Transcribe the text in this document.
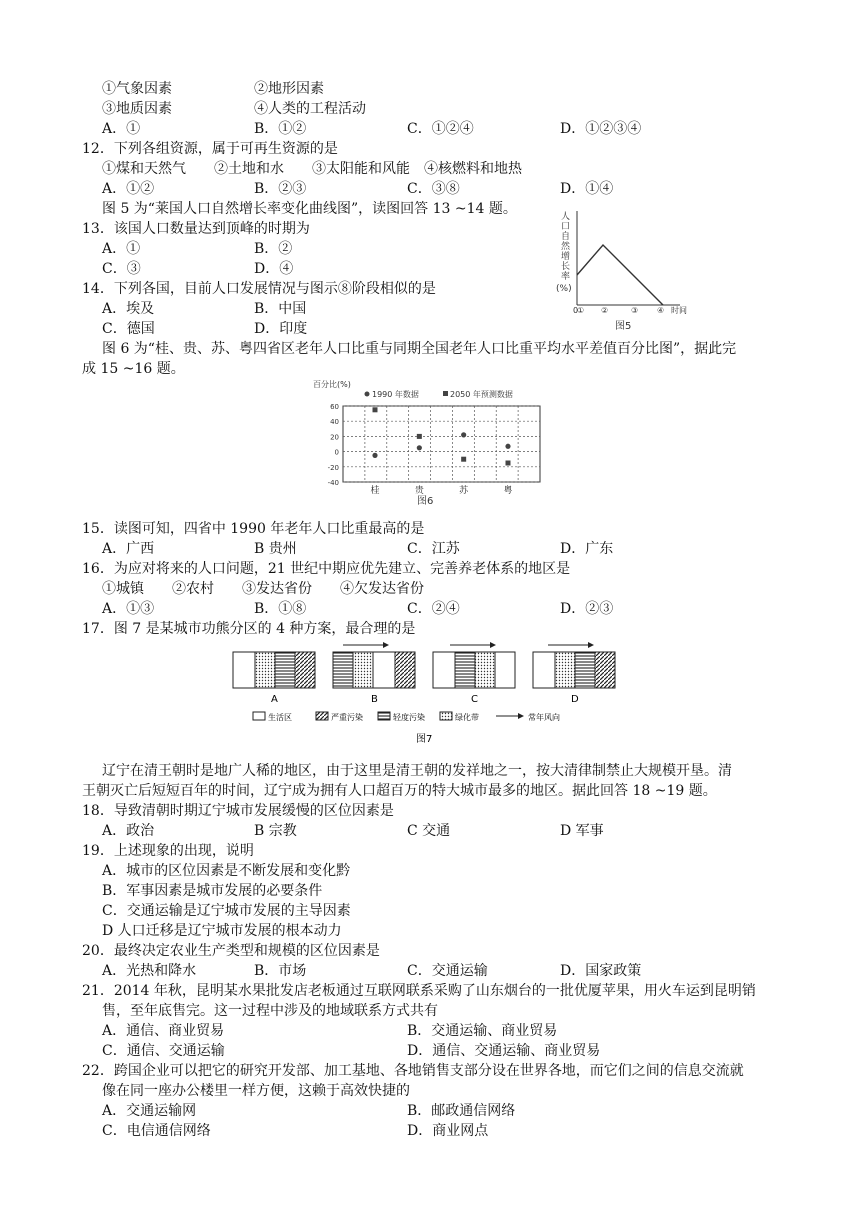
①气象因素	②地形因素
③地质因素	④人类的工程活动
A．①	B．①②	C．①②④	D．①②③④
12．下列各组资源，属于可再生资源的是
①煤和天然气　　②土地和水　　③太阳能和风能　④核燃料和地热
A．①②	B．②③	C．③⑧	D．①④
图 5 为“莱国人口自然增长率变化曲线图”，读图回答 13 ~14 题。
13．该国人口数量达到顶峰的时期为
A．①	B．②
C．③	D．④
14．下列各国，目前人口发展情况与图示⑧阶段相似的是
A．埃及	B．中国
C．德国	D．印度
人
口
自
然
增
长
率
(%)
0
① ②	③ ④ 时间
图5
图 6 为“桂、贵、苏、粤四省区老年人口比重与同期全国老年人口比重平均水平差值百分比图”，据此完
成 15 ~16 题。
百分比(%)
1990 年数据	2050 年预测数据
60
40
20
0
-20
-40
桂	贵	苏	粤
图6
15．读图可知，四省中 1990 年老年人口比重最高的是
A．广西	B 贵州	C．江苏	D．广东
16．为应对将来的人口问题，21 世纪中期应优先建立、完善养老体系的地区是
①城镇　　②农村　　③发达省份　　④欠发达省份
A．①③	B．①⑧	C．②④	D．②③
17．图 7 是某城市功熊分区的 4 种方案，最合理的是
A	B	C	D
生活区	严重污染	轻度污染	绿化带	常年风向
图7
辽宁在清王朝时是地广人稀的地区，由于这里是清王朝的发祥地之一，按大清律制禁止大规模开垦。清
王朝灭亡后短短百年的时间，辽宁成为拥有人口超百万的特大城市最多的地区。据此回答 18 ~19 题。
18．导致清朝时期辽宁城市发展缓慢的区位因素是
A．政治	B 宗教	C 交通	D 军事
19．上述现象的出现，说明
A．城市的区位因素是不断发展和变化黔
B．军事因素是城市发展的必要条件
C．交通运输是辽宁城市发展的主导因素
D 人口迁移是辽宁城市发展的根本动力
20．最终决定农业生产类型和规模的区位因素是
A．光热和降水	B．市场	C．交通运输	D．国家政策
21．2014 年秋，昆明某水果批发店老板通过互联网联系采购了山东烟台的一批优厦苹果，用火车运到昆明销
售，至年底售完。这一过程中涉及的地域联系方式共有
A．通信、商业贸易	B．交通运输、商业贸易
C．通信、交通运输	D．通信、交通运输、商业贸易
22．跨国企业可以把它的研究开发部、加工基地、各地销售支部分设在世界各地，而它们之间的信息交流就
像在同一座办公楼里一样方便，这赖于高效快捷的
A．交通运输网	B．邮政通信网络
C．电信通信网络	D．商业网点
